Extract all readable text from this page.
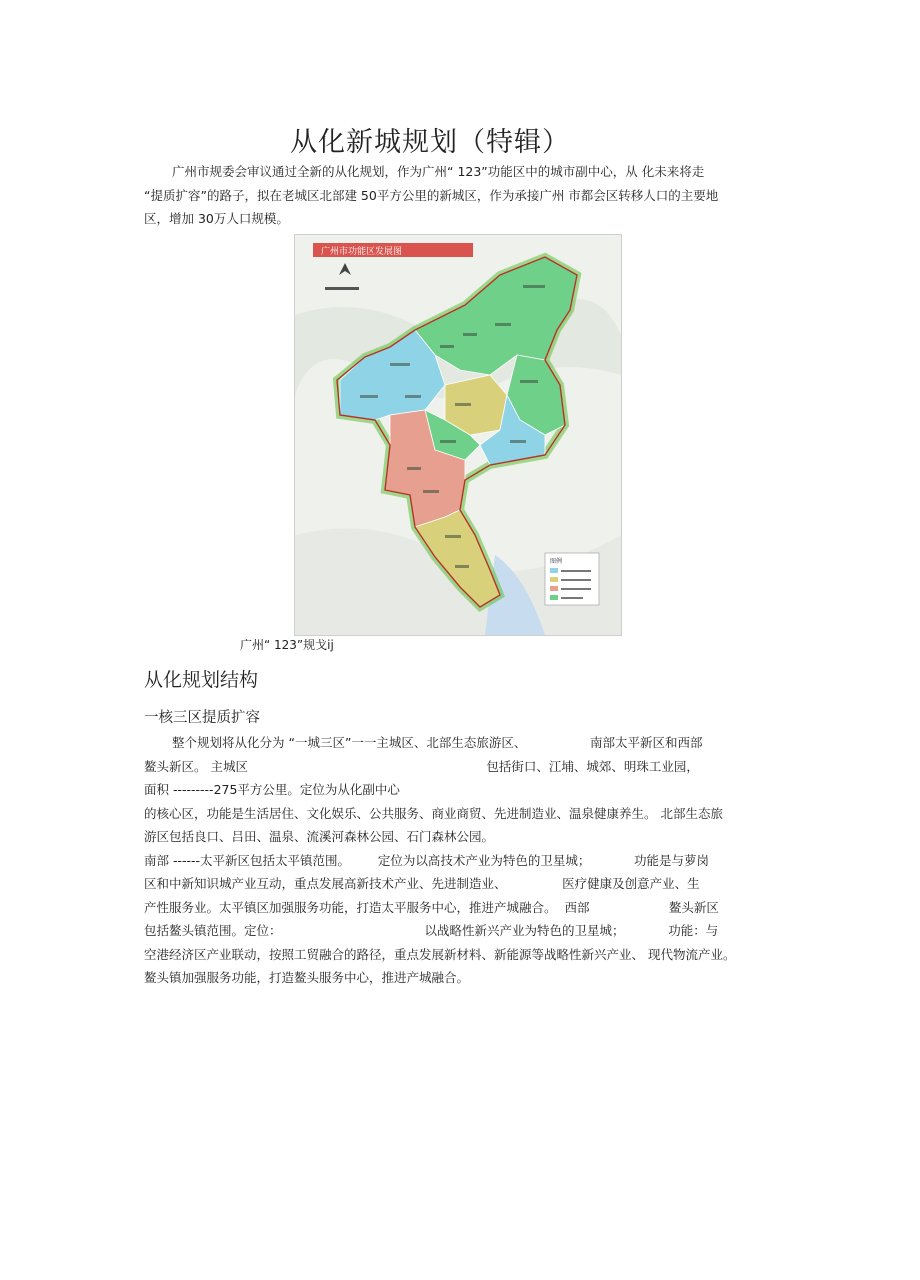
从化新城规划（特辑）
广州市规委会审议通过全新的从化规划，作为广州“ 123”功能区中的城市副中心，从 化未来将走
“提质扩容”的路子，拟在老城区北部建 50平方公里的新城区，作为承接广州 市都会区转移人口的主要地
区，增加 30万人口规模。
广州市功能区发展图
图例
广州“ 123”规戈ij
从化规划结构
一核三区提质扩容
整个规划将从化分为 “一城三区”一一主城区、北部生态旅游区、                南部太平新区和西部
鳌头新区。 主城区                                                            包括街口、江埔、城郊、明珠工业园，
面积 ---------275平方公里。定位为从化副中心
的核心区，功能是生活居住、文化娱乐、公共服务、商业商贸、先进制造业、温泉健康养生。 北部生态旅
游区包括良口、吕田、温泉、流溪河森林公园、石门森林公园。
南部 ------太平新区包括太平镇范围。       定位为以高技术产业为特色的卫星城；           功能是与萝岗
区和中新知识城产业互动，重点发展高新技术产业、先进制造业、              医疗健康及创意产业、生
产性服务业。太平镇区加强服务功能，打造太平服务中心，推进产城融合。  西部                    鳌头新区
包括鳌头镇范围。定位：                                    以战略性新兴产业为特色的卫星城；           功能：与
空港经济区产业联动，按照工贸融合的路径，重点发展新材料、新能源等战略性新兴产业、 现代物流产业。
鳌头镇加强服务功能，打造鳌头服务中心，推进产城融合。
